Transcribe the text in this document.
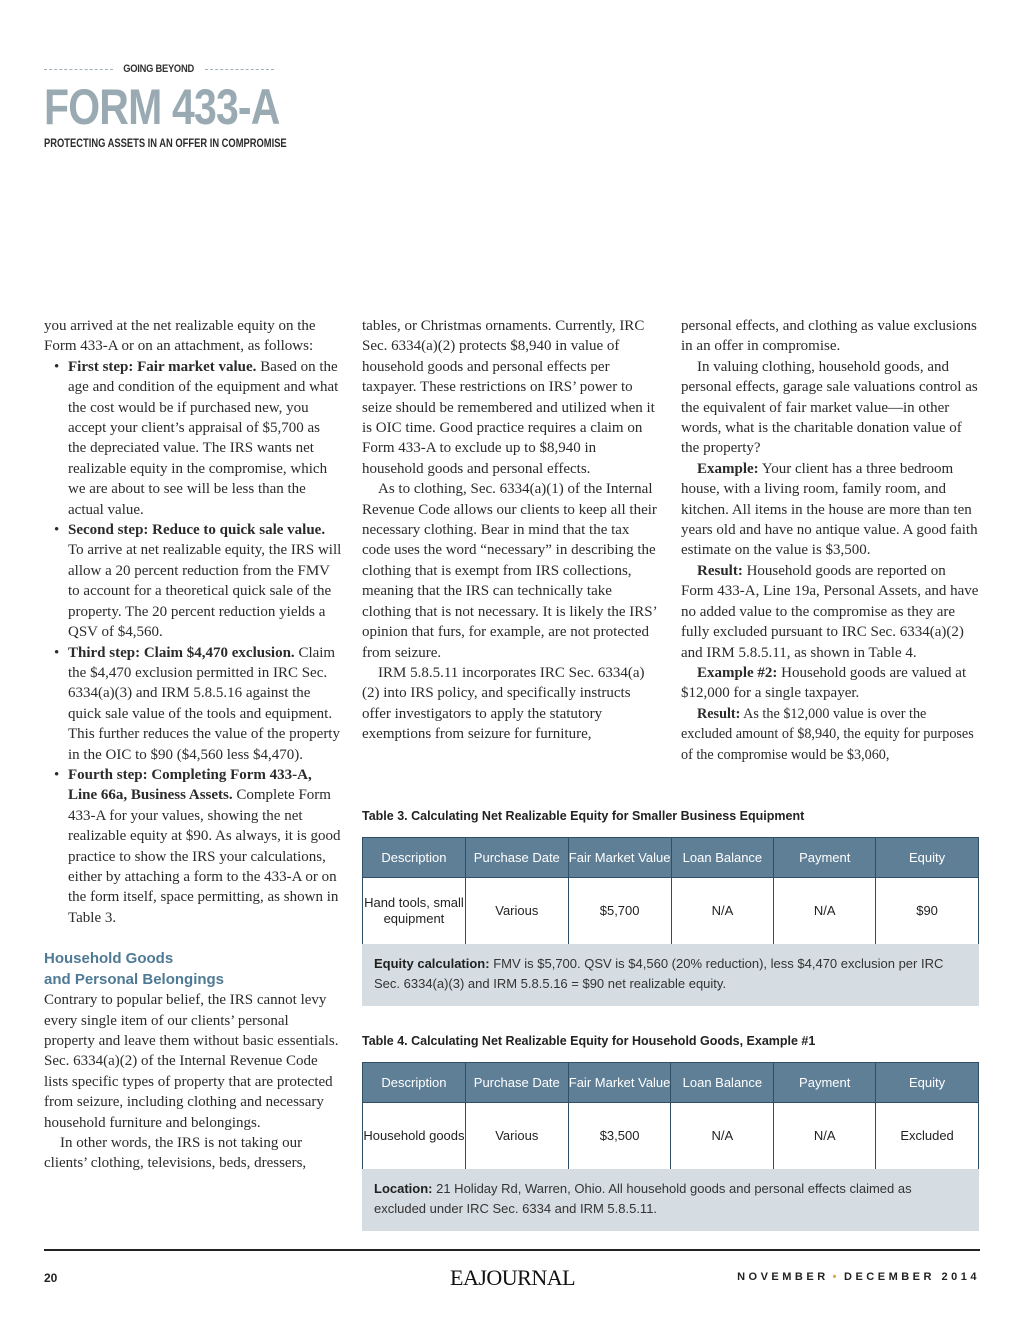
GOING BEYOND
FORM 433-A
PROTECTING ASSETS IN AN OFFER IN COMPROMISE

you arrived at the net realizable equity on the Form 433-A or on an attachment, as follows:

• First step: Fair market value. Based on the age and condition of the equipment and what the cost would be if purchased new, you accept your client’s appraisal of $5,700 as the depreciated value. The IRS wants net realizable equity in the compromise, which we are about to see will be less than the actual value.
• Second step: Reduce to quick sale value. To arrive at net realizable equity, the IRS will allow a 20 percent reduction from the FMV to account for a theoretical quick sale of the property. The 20 percent reduction yields a QSV of $4,560.
• Third step: Claim $4,470 exclusion. Claim the $4,470 exclusion permitted in IRC Sec. 6334(a)(3) and IRM 5.8.5.16 against the quick sale value of the tools and equipment. This further reduces the value of the property in the OIC to $90 ($4,560 less $4,470).
• Fourth step: Completing Form 433-A, Line 66a, Business Assets. Complete Form 433-A for your values, showing the net realizable equity at $90. As always, it is good practice to show the IRS your calculations, either by attaching a form to the 433-A or on the form itself, space permitting, as shown in Table 3.
Household Goods
and Personal Belongings

Contrary to popular belief, the IRS cannot levy every single item of our clients’ personal property and leave them without basic essentials. Sec. 6334(a)(2) of the Internal Revenue Code lists specific types of property that are protected from seizure, including clothing and necessary household furniture and belongings.

In other words, the IRS is not taking our clients’ clothing, televisions, beds, dressers,

tables, or Christmas ornaments. Currently, IRC Sec. 6334(a)(2) protects $8,940 in value of household goods and personal effects per taxpayer. These restrictions on IRS’ power to seize should be remembered and utilized when it is OIC time. Good practice requires a claim on Form 433-A to exclude up to $8,940 in household goods and personal effects.

As to clothing, Sec. 6334(a)(1) of the Internal Revenue Code allows our clients to keep all their necessary clothing. Bear in mind that the tax code uses the word “necessary” in describing the clothing that is exempt from IRS collections, meaning that the IRS can technically take clothing that is not necessary. It is likely the IRS’ opinion that furs, for example, are not protected from seizure.

IRM 5.8.5.11 incorporates IRC Sec. 6334(a)(2) into IRS policy, and specifically instructs offer investigators to apply the statutory exemptions from seizure for furniture,

personal effects, and clothing as value exclusions in an offer in compromise.

In valuing clothing, household goods, and personal effects, garage sale valuations control as the equivalent of fair market value—in other words, what is the charitable donation value of the property?

Example: Your client has a three bedroom house, with a living room, family room, and kitchen. All items in the house are more than ten years old and have no antique value. A good faith estimate on the value is $3,500.

Result: Household goods are reported on Form 433-A, Line 19a, Personal Assets, and have no added value to the compromise as they are fully excluded pursuant to IRC Sec. 6334(a)(2) and IRM 5.8.5.11, as shown in Table 4.

Example #2: Household goods are valued at $12,000 for a single taxpayer.

Result: As the $12,000 value is over the excluded amount of $8,940, the equity for purposes of the compromise would be $3,060,

Table 3. Calculating Net Realizable Equity for Smaller Business Equipment
Description	Purchase Date	Fair Market Value	Loan Balance	Payment	Equity
Hand tools, small equipment	Various	$5,700	N/A	N/A	$90
Equity calculation: FMV is $5,700. QSV is $4,560 (20% reduction), less $4,470 exclusion per IRC Sec. 6334(a)(3) and IRM 5.8.5.16 = $90 net realizable equity.
Table 4. Calculating Net Realizable Equity for Household Goods, Example #1
Description	Purchase Date	Fair Market Value	Loan Balance	Payment	Equity
Household goods	Various	$3,500	N/A	N/A	Excluded
Location: 21 Holiday Rd, Warren, Ohio. All household goods and personal effects claimed as excluded under IRC Sec. 6334 and IRM 5.8.5.11.
20	EAJOURNAL	NOVEMBER • DECEMBER 2014
